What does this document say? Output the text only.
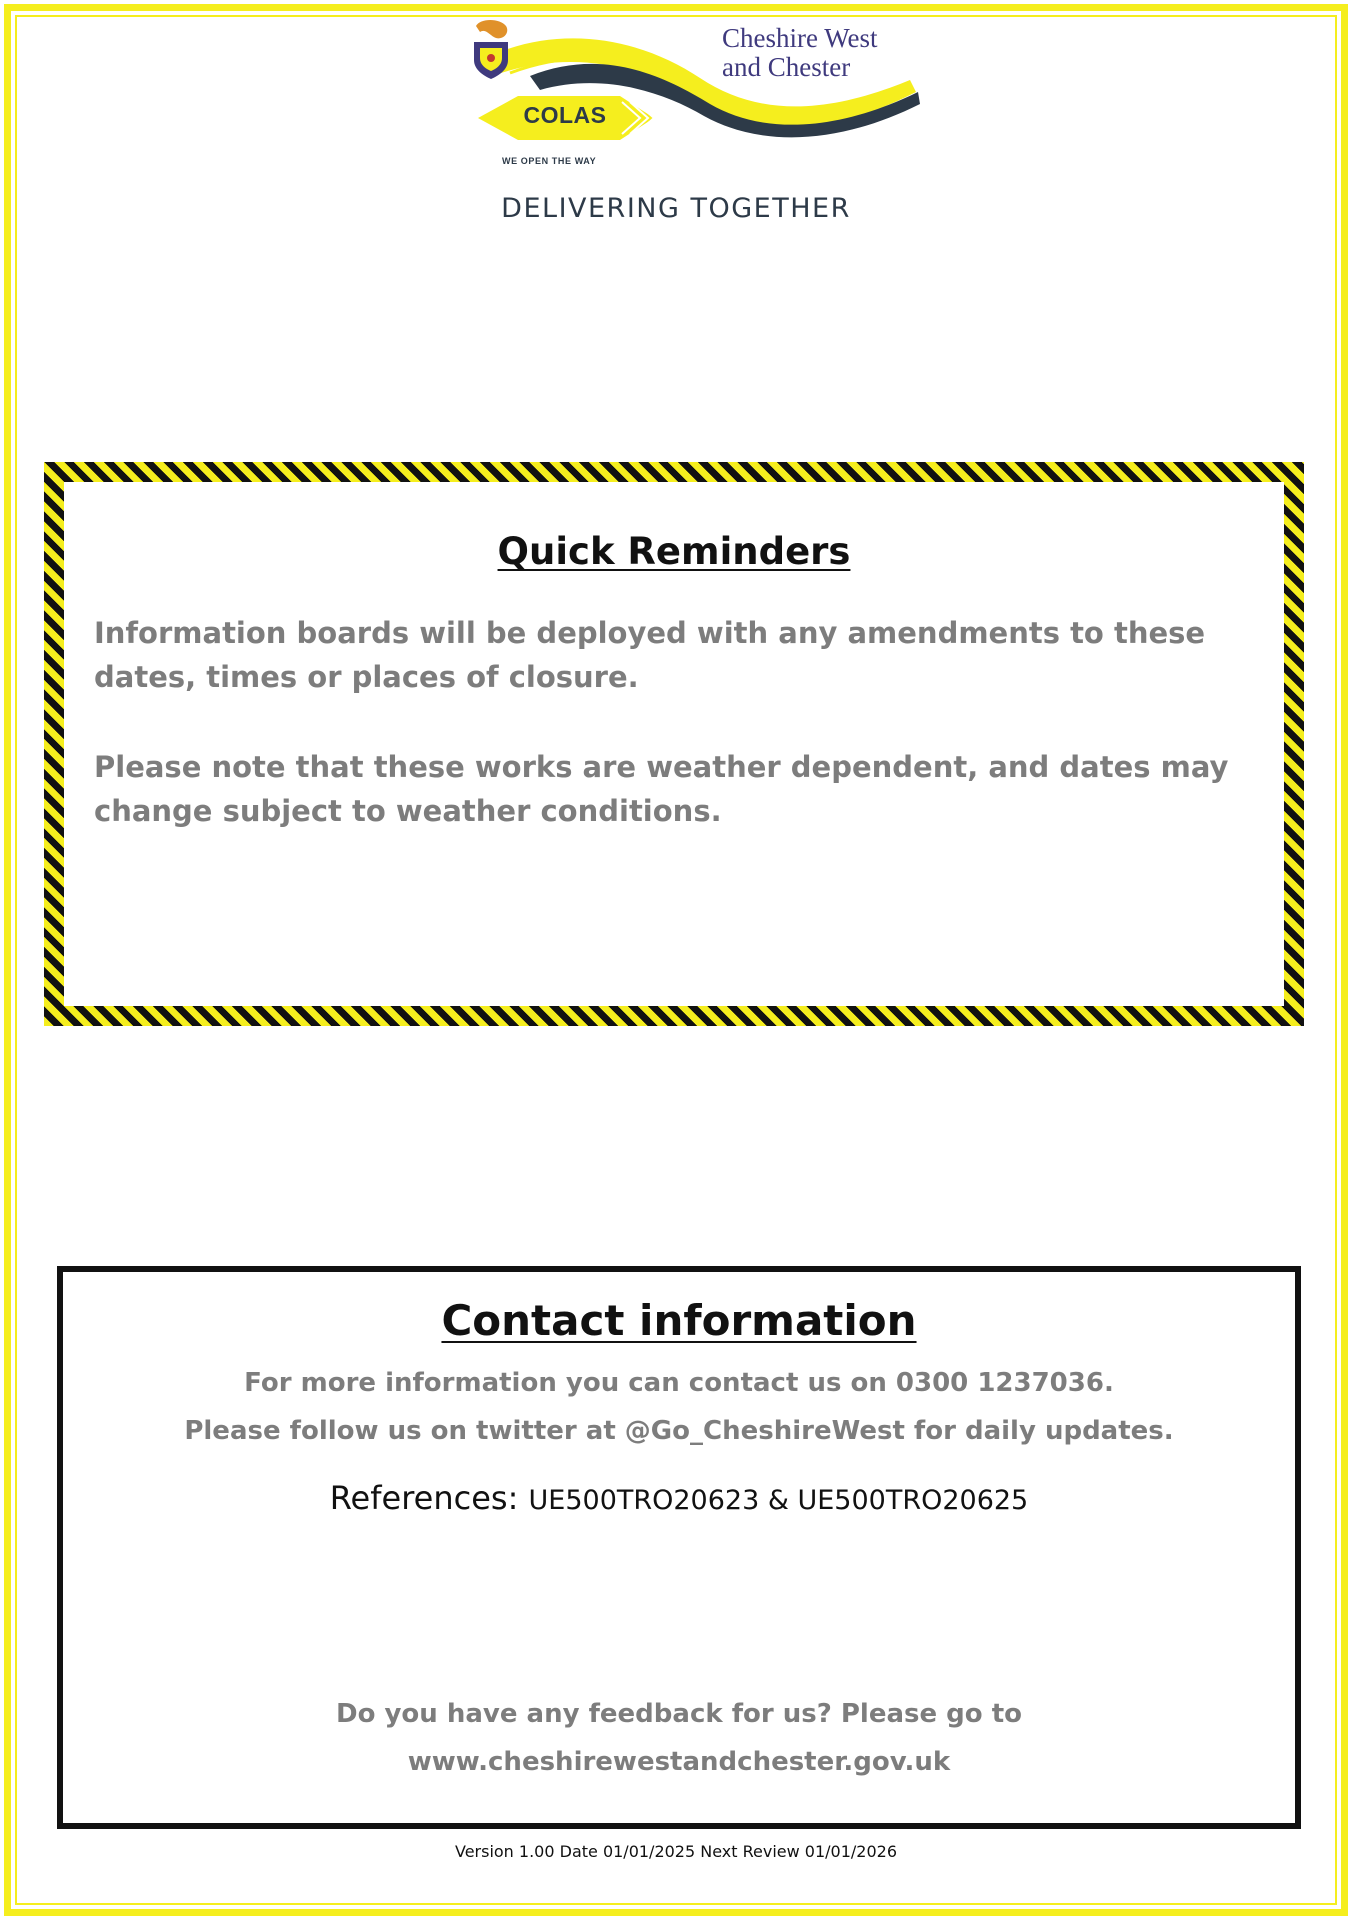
COLAS
WE OPEN THE WAY
Cheshire West
and Chester
DELIVERING TOGETHER
Quick Reminders

Information boards will be deployed with any amendments to these dates, times or places of closure.

Please note that these works are weather dependent, and dates may change subject to weather conditions.

Contact information
For more information you can contact us on 0300 1237036.
Please follow us on twitter at @Go_CheshireWest for daily updates.
References: UE500TRO20623 & UE500TRO20625
Do you have any feedback for us? Please go to
www.cheshirewestandchester.gov.uk
Version 1.00 Date 01/01/2025 Next Review 01/01/2026
